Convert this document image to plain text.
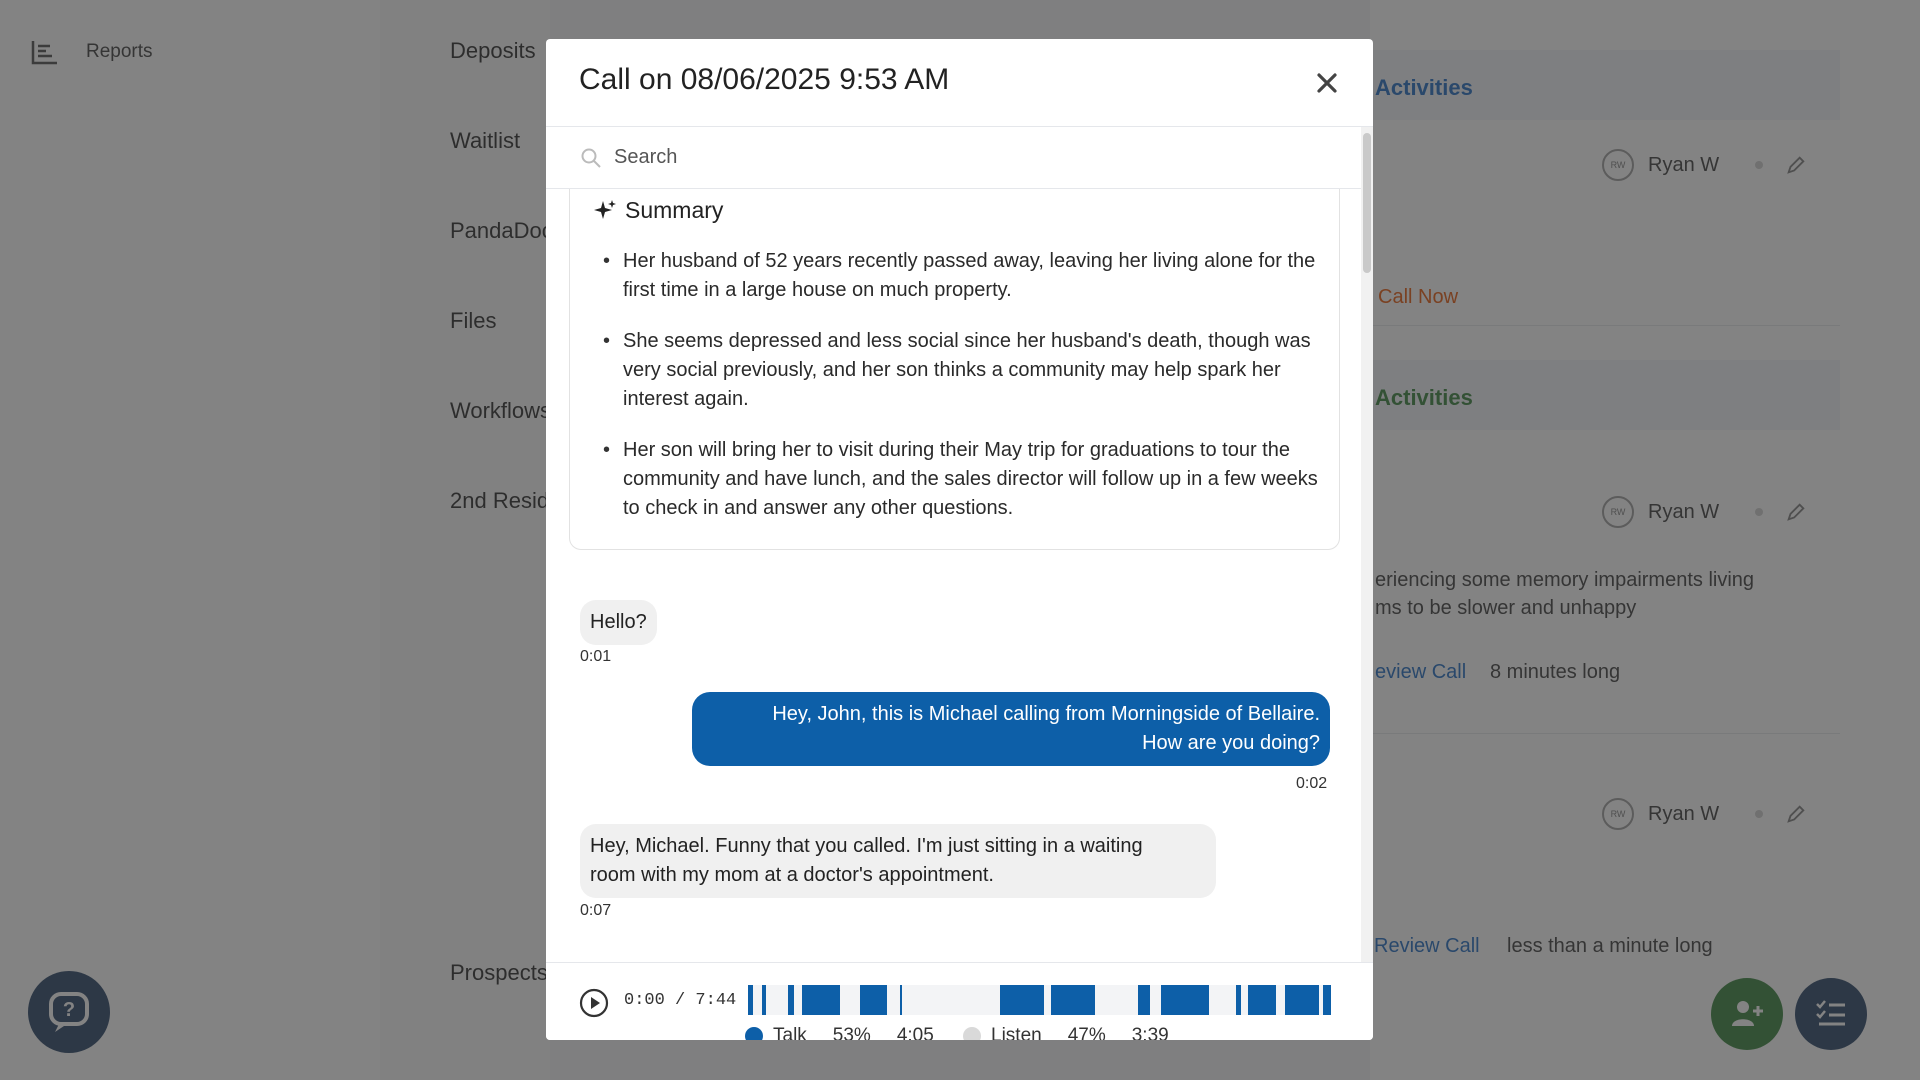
Call on 08/06/2025 9:53 AM
Search
Summary
• Her husband of 52 years recently passed away, leaving her living alone for the first time in a large house on much property.
• She seems depressed and less social since her husband's death, though was very social previously, and her son thinks a community may help spark her interest again.
• Her son will bring her to visit during their May trip for graduations to tour the community and have lunch, and the sales director will follow up in a few weeks to check in and answer any other questions.
Hello?
0:01
Hey, John, this is Michael calling from Morningside of Bellaire.
How are you doing?
0:02
Hey, Michael. Funny that you called. I'm just sitting in a waiting
room with my mom at a doctor's appointment.
0:07
0:00 / 7:44
Talk 53% 4:05	Listen 47% 3:39
